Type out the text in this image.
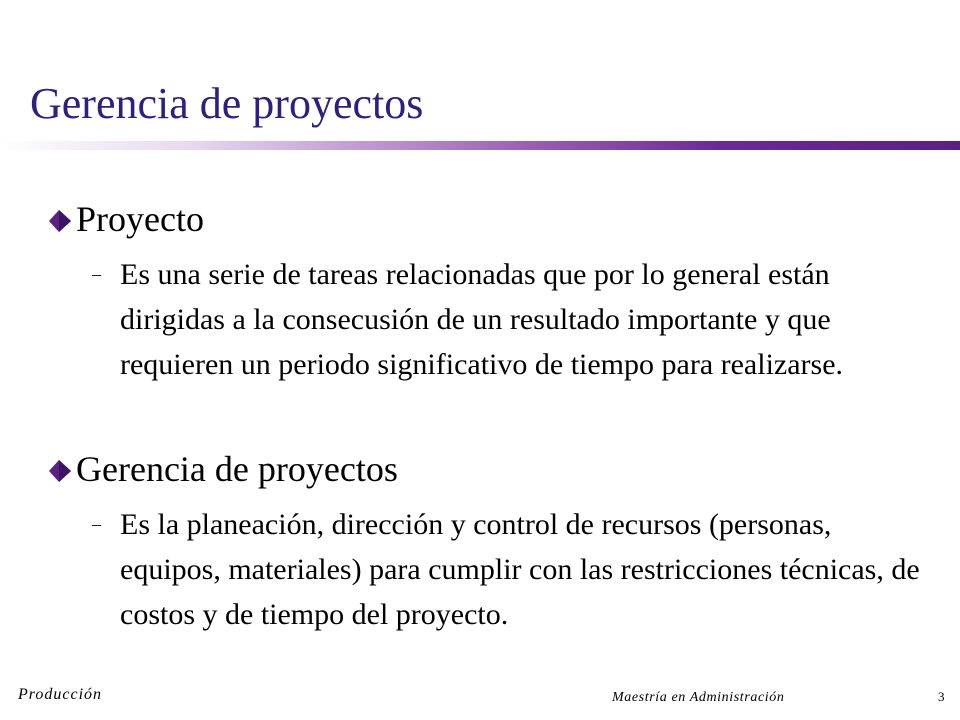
Gerencia de proyectos
Proyecto
– Es una serie de tareas relacionadas que por lo general están dirigidas a la consecusión de un resultado importante y que requieren un periodo significativo de tiempo para realizarse.
Gerencia de proyectos
– Es la planeación, dirección y control de recursos (personas, equipos, materiales) para cumplir con las restricciones técnicas, de costos y de tiempo del proyecto.
Producción	Maestría en Administración	3
